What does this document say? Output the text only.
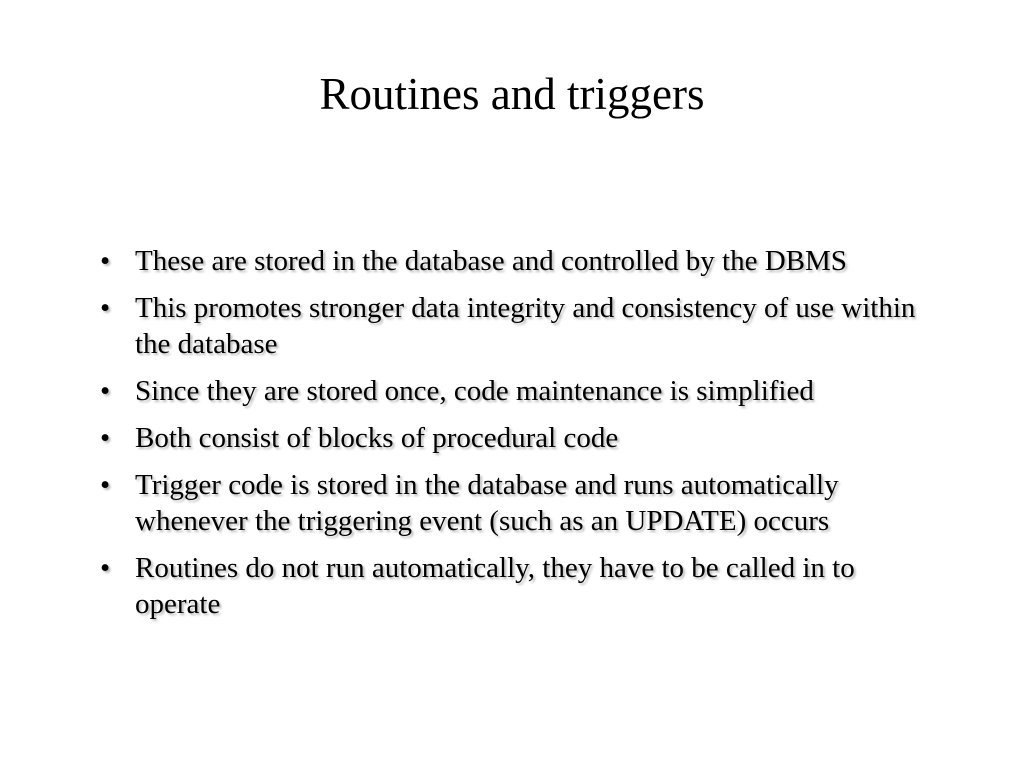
Routines and triggers
• These are stored in the database and controlled by the DBMS
• This promotes stronger data integrity and consistency of use within the database
• Since they are stored once, code maintenance is simplified
• Both consist of blocks of procedural code
• Trigger code is stored in the database and runs automatically whenever the triggering event (such as an UPDATE) occurs
• Routines do not run automatically, they have to be called in to operate
